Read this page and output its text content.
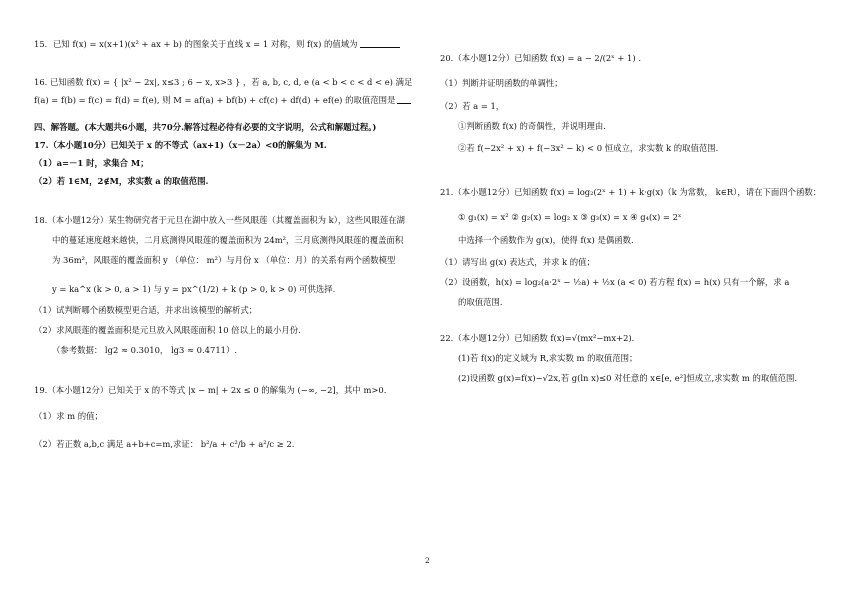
15．已知 f(x) = x(x+1)(x² + ax + b) 的图象关于直线 x = 1 对称，则 f(x) 的值域为
16. 已知函数 f(x) = { |x² − 2x|, x≤3 ; 6 − x, x>3 } ，若 a, b, c, d, e (a < b < c < d < e) 满足
f(a) = f(b) = f(c) = f(d) = f(e), 则 M = af(a) + bf(b) + cf(c) + df(d) + ef(e) 的取值范围是
四、解答题。(本大题共6小题，共70分.解答过程必待有必要的文字说明，公式和解题过程。)
17.（本小题10分）已知关于 x 的不等式（ax+1)（x－2a）<0的解集为 M.
（1）a=－1 时，求集合 M；
（2）若 1∈M，2∉M，求实数 a 的取值范围.
18.（本小题12分）某生物研究者于元旦在湖中放入一些风眼莲（其覆盖面积为 k），这些风眼莲在湖
中的蔓延速度越来越快，二月底测得风眼莲的覆盖面积为 24m²，三月底测得风眼莲的覆盖面积
为 36m²，风眼莲的覆盖面积 y （单位： m²）与月份 x （单位：月）的关系有两个函数模型
y = ka^x (k > 0, a > 1) 与 y = px^(1/2) + k (p > 0, k > 0) 可供选择.
（1）试判断哪个函数模型更合适，并求出该模型的解析式；
（2）求风眼莲的覆盖面积是元旦放入风眼莲面积 10 倍以上的最小月份.
（参考数据： lg2 ≈ 0.3010， lg3 ≈ 0.4711）.
19.（本小题12分）已知关于 x 的不等式 |x − m| + 2x ≤ 0 的解集为 (−∞, −2]，其中 m>0.
（1）求 m 的值；
（2）若正数 a,b,c 满足 a+b+c=m,求证： b²/a + c²/b + a²/c ≥ 2.
20.（本小题12分）已知函数 f(x) = a − 2/(2ˣ + 1) .
（1）判断并证明函数的单调性；
（2）若 a = 1，
①判断函数 f(x) 的奇偶性，并说明理由.
②若 f(−2x² + x) + f(−3x² − k) < 0 恒成立，求实数 k 的取值范围.
21.（本小题12分）已知函数 f(x) = log₂(2ˣ + 1) + k·g(x)（k 为常数， k∈R），请在下面四个函数：
① g₁(x) = x² ② g₂(x) = log₂ x ③ g₃(x) = x ④ g₄(x) = 2ˣ
中选择一个函数作为 g(x)，使得 f(x) 是偶函数.
（1）请写出 g(x) 表达式，并求 k 的值；
（2）设函数，h(x) = log₂(a·2ˣ − ½a) + ½x (a < 0) 若方程 f(x) = h(x) 只有一个解，求 a
的取值范围.
22.（本小题12分）已知函数 f(x)=√(mx²−mx+2).
(1)若 f(x)的定义域为 R,求实数 m 的取值范围；
(2)设函数 g(x)=f(x)−√2x,若 g(ln x)≤0 对任意的 x∈[e, e²]恒成立,求实数 m 的取值范围.
2
